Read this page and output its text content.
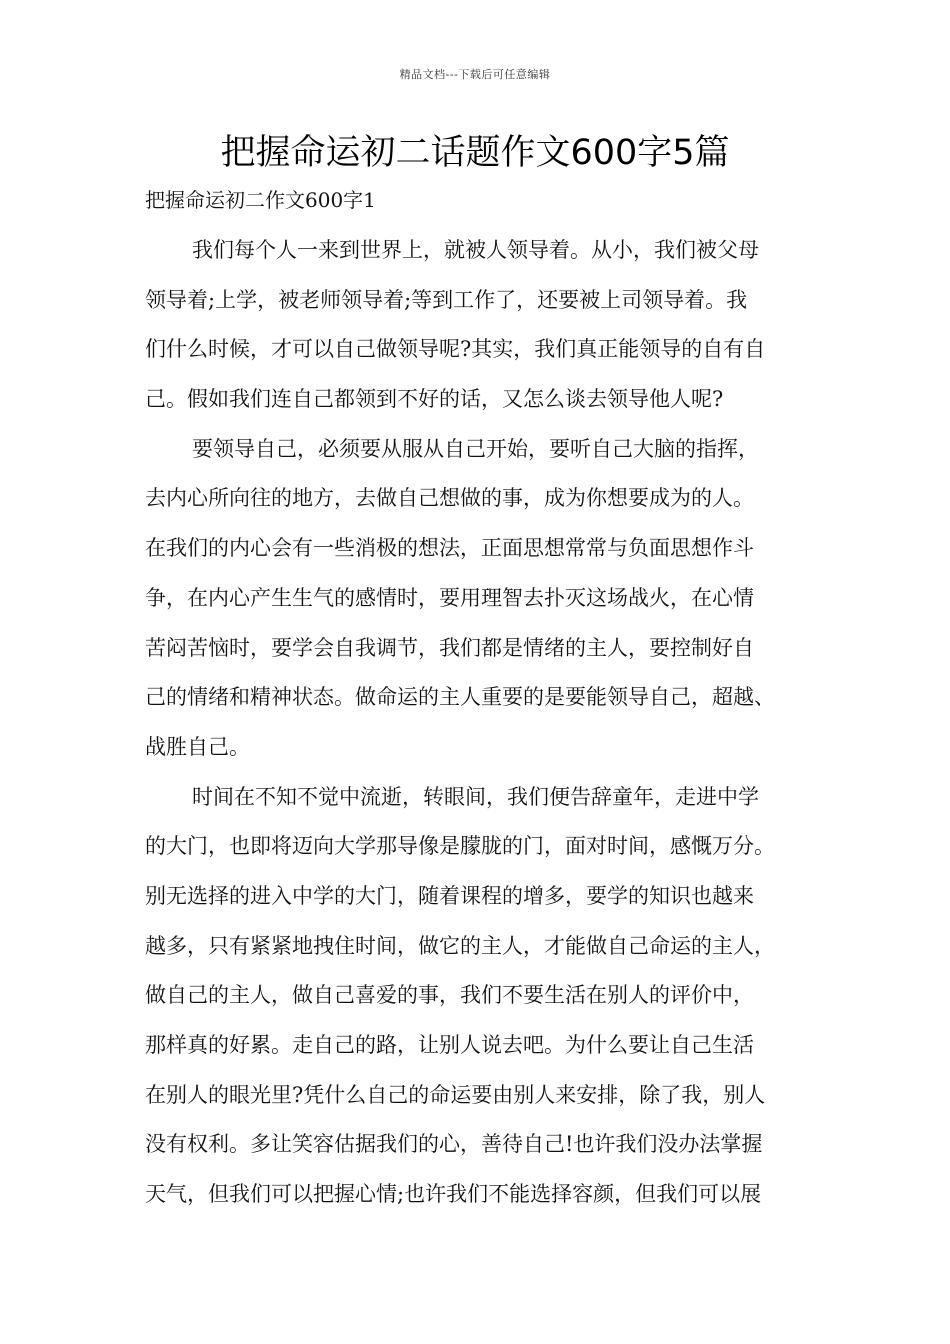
精品文档---下载后可任意编辑
把握命运初二话题作文600字5篇
把握命运初二作文600字1
我们每个人一来到世界上，就被人领导着。从小，我们被父母
领导着;上学，被老师领导着;等到工作了，还要被上司领导着。我
们什么时候，才可以自己做领导呢?其实，我们真正能领导的自有自
己。假如我们连自己都领到不好的话，又怎么谈去领导他人呢?
要领导自己，必须要从服从自己开始，要听自己大脑的指挥，
去内心所向往的地方，去做自己想做的事，成为你想要成为的人。
在我们的内心会有一些消极的想法，正面思想常常与负面思想作斗
争，在内心产生生气的感情时，要用理智去扑灭这场战火，在心情
苦闷苦恼时，要学会自我调节，我们都是情绪的主人，要控制好自
己的情绪和精神状态。做命运的主人重要的是要能领导自己，超越、
战胜自己。
时间在不知不觉中流逝，转眼间，我们便告辞童年，走进中学
的大门，也即将迈向大学那导像是朦胧的门，面对时间，感慨万分。
别无选择的进入中学的大门，随着课程的增多，要学的知识也越来
越多，只有紧紧地拽住时间，做它的主人，才能做自己命运的主人，
做自己的主人，做自己喜爱的事，我们不要生活在别人的评价中，
那样真的好累。走自己的路，让别人说去吧。为什么要让自己生活
在别人的眼光里?凭什么自己的命运要由别人来安排，除了我，别人
没有权利。多让笑容估据我们的心，善待自己!也许我们没办法掌握
天气，但我们可以把握心情;也许我们不能选择容颜，但我们可以展
